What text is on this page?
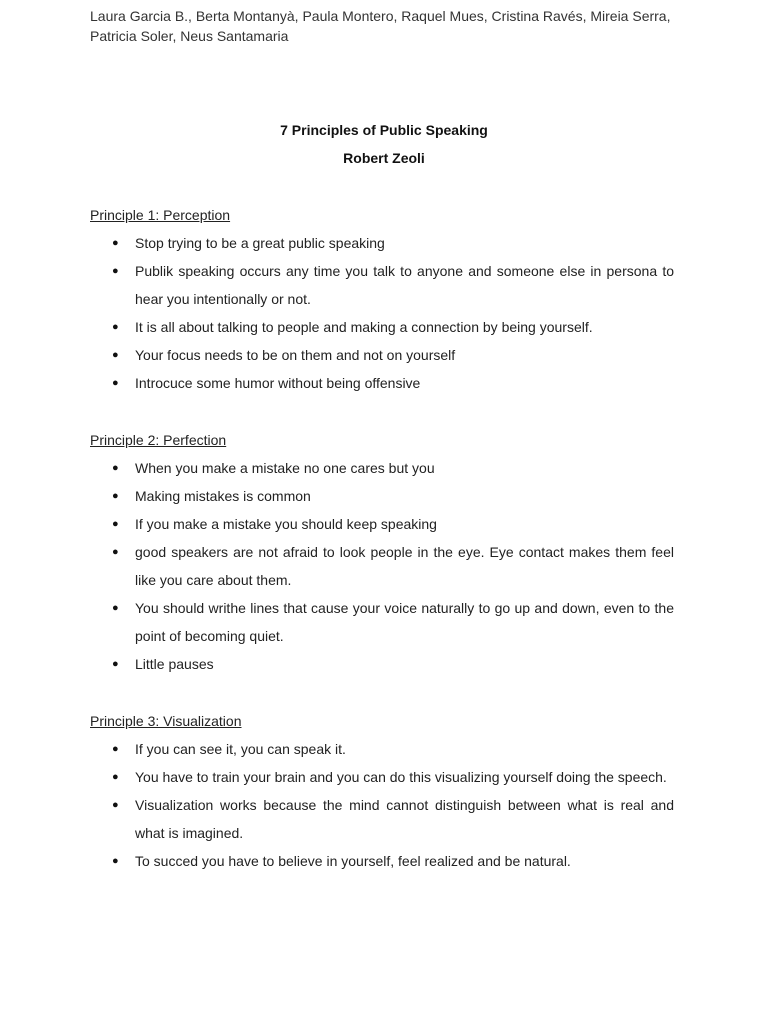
Laura Garcia B., Berta Montanyà, Paula Montero, Raquel Mues, Cristina Ravés, Mireia Serra, Patricia Soler, Neus Santamaria
7 Principles of Public Speaking
Robert Zeoli

Principle 1: Perception

● Stop trying to be a great public speaking
● Publik speaking occurs any time you talk to anyone and someone else in persona to hear you intentionally or not.
● It is all about talking to people and making a connection by being yourself.
● Your focus needs to be on them and not on yourself
● Introcuce some humor without being offensive

Principle 2: Perfection

● When you make a mistake no one cares but you
● Making mistakes is common
● If you make a mistake you should keep speaking
● good speakers are not afraid to look people in the eye. Eye contact makes them feel like you care about them.
● You should writhe lines that cause your voice naturally to go up and down, even to the point of becoming quiet.
● Little pauses

Principle 3: Visualization

● If you can see it, you can speak it.
● You have to train your brain and you can do this visualizing yourself doing the speech.
● Visualization works because the mind cannot distinguish between what is real and what is imagined.
● To succed you have to believe in yourself, feel realized and be natural.
